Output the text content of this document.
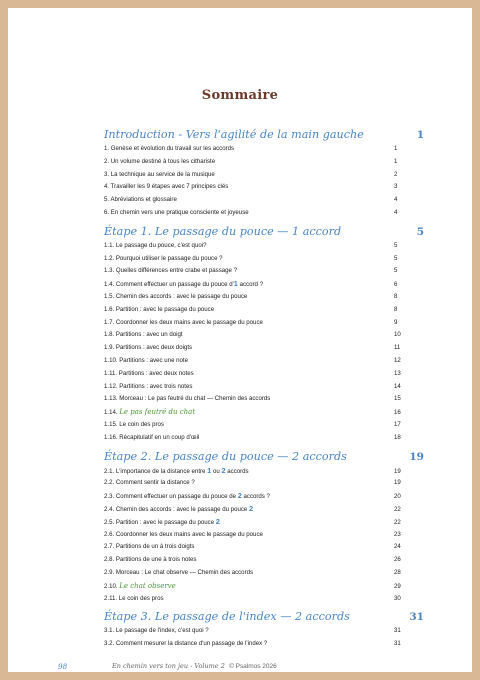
Sommaire
Introduction - Vers l'agilité de la main gauche	1
1. Genèse et évolution du travail sur les accords	1
2. Un volume destiné à tous les cithariste	1
3. La technique au service de la musique	2
4. Travailler les 9 étapes avec 7 principes clés	3
5. Abréviations et glossaire	4
6. En chemin vers une pratique consciente et joyeuse	4
Étape 1. Le passage du pouce — 1 accord	5
1.1. Le passage du pouce, c'est quoi?	5
1.2. Pourquoi utiliser le passage du pouce ?	5
1.3. Quelles différences entre crabe et passage ?	5
1.4. Comment effectuer un passage du pouce d'1 accord ?	6
1.5. Chemin des accords : avec le passage du pouce	8
1.6. Partition : avec le passage du pouce	8
1.7. Coordonner les deux mains avec le passage du pouce	9
1.8. Partitions : avec un doigt	10
1.9. Partitions : avec deux doigts	11
1.10. Partitions : avec une note	12
1.11. Partitions : avec deux notes	13
1.12. Partitions : avec trois notes	14
1.13. Morceau : Le pas feutré du chat — Chemin des accords	15
1.14. Le pas feutré du chat	16
1.15. Le coin des pros	17
1.16. Récapitulatif en un coup d'œil	18
Étape 2. Le passage du pouce — 2 accords	19
2.1. L'importance de la distance entre 1 ou 2 accords	19
2.2. Comment sentir la distance ?	19
2.3. Comment effectuer un passage du pouce de 2 accords ?	20
2.4. Chemin des accords : avec le passage du pouce 2	22
2.5. Partition : avec le passage du pouce 2	22
2.6. Coordonner les deux mains avec le passage du pouce	23
2.7. Partitions de un à trois doigts	24
2.8. Partitions de une à trois notes	26
2.9. Morceau : Le chat observe — Chemin des accords	28
2.10. Le chat observe	29
2.11. Le coin des pros	30
Étape 3. Le passage de l'index — 2 accords	31
3.1. Le passage de l'index, c'est quoi ?	31
3.2. Comment mesurer la distance d'un passage de l'index ?	31
98	En chemin vers ton jeu - Volume 2 © Psalmos 2026
